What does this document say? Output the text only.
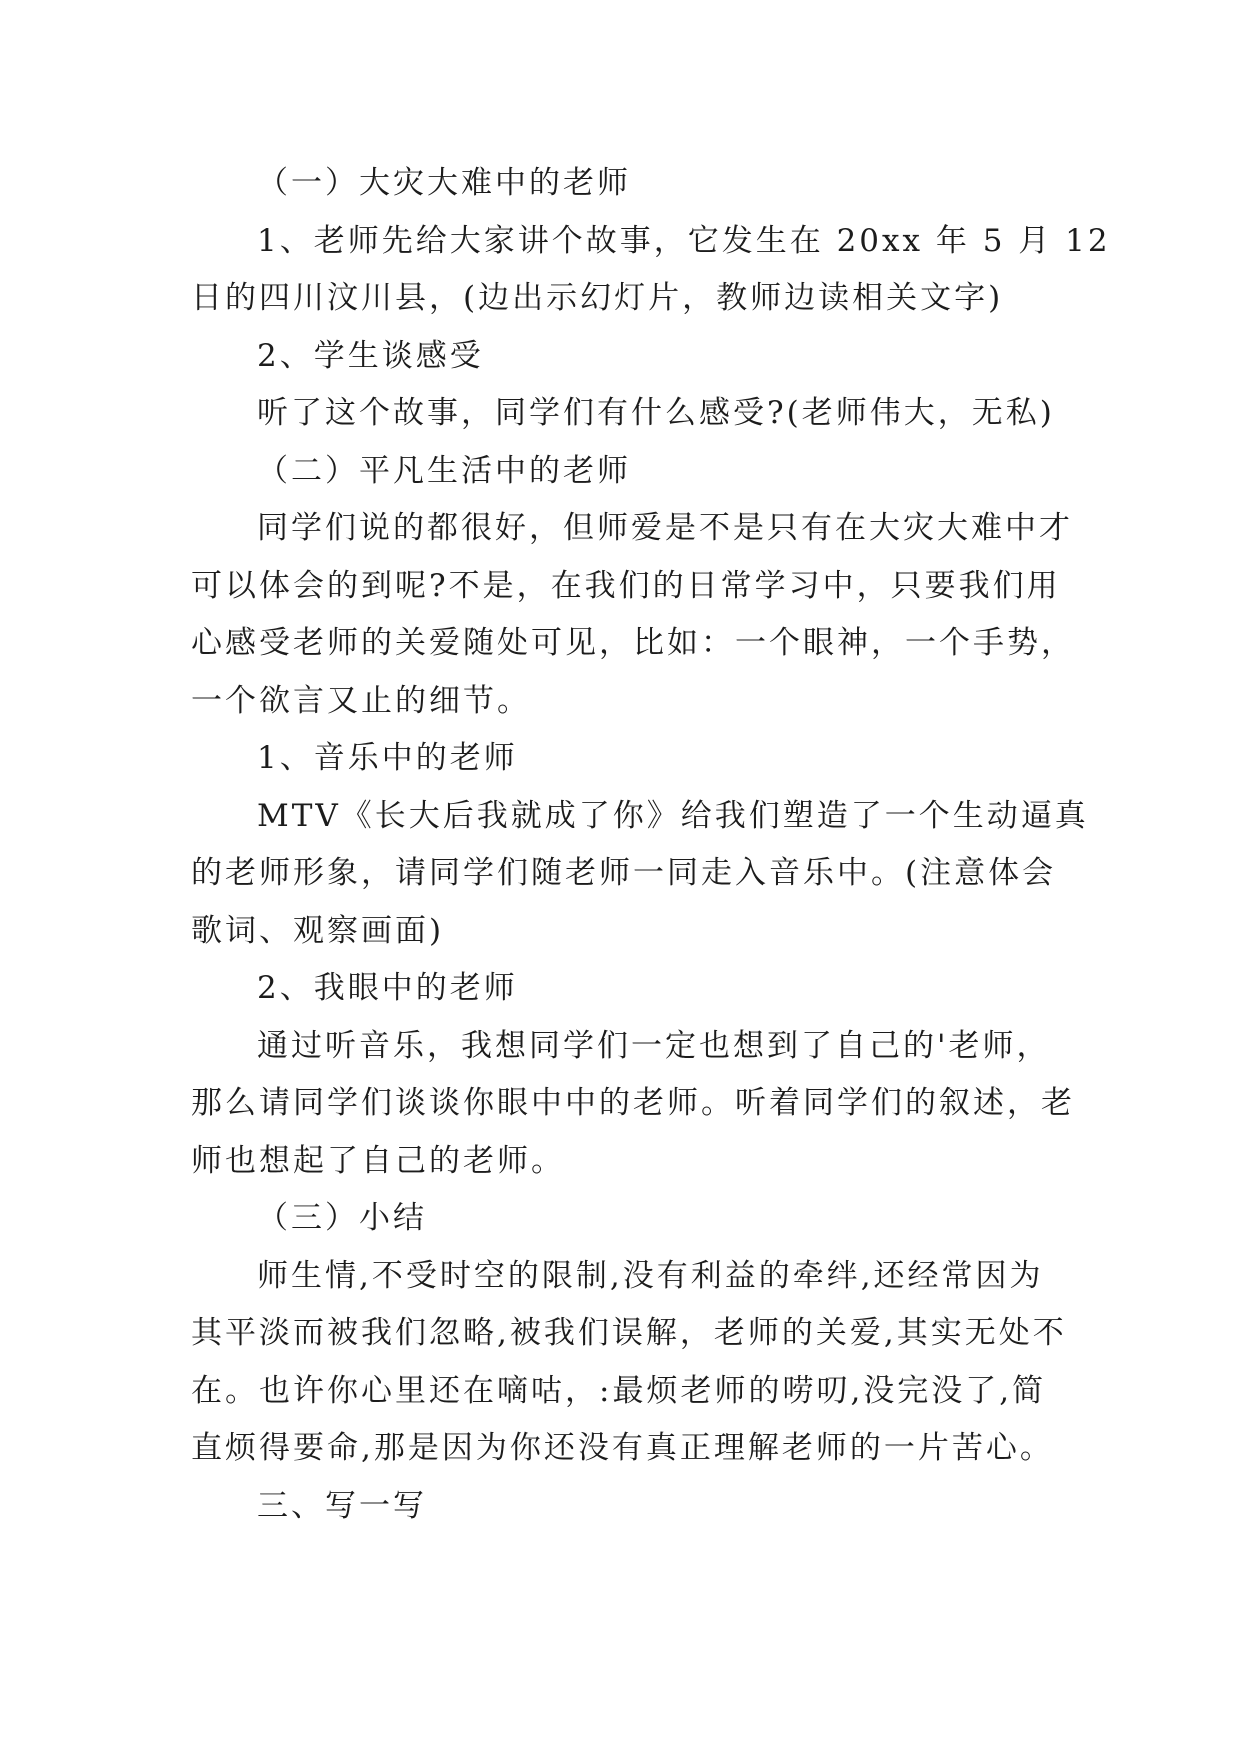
（一）大灾大难中的老师

1、老师先给大家讲个故事，它发生在 20xx 年 5 月 12

日的四川汶川县，(边出示幻灯片，教师边读相关文字)

2、学生谈感受

听了这个故事，同学们有什么感受?(老师伟大，无私)

（二）平凡生活中的老师

同学们说的都很好，但师爱是不是只有在大灾大难中才

可以体会的到呢?不是，在我们的日常学习中，只要我们用

心感受老师的关爱随处可见，比如：一个眼神，一个手势，

一个欲言又止的细节。

1、音乐中的老师

MTV《长大后我就成了你》给我们塑造了一个生动逼真

的老师形象，请同学们随老师一同走入音乐中。(注意体会

歌词、观察画面)

2、我眼中的老师

通过听音乐，我想同学们一定也想到了自己的'老师，

那么请同学们谈谈你眼中中的老师。听着同学们的叙述，老

师也想起了自己的老师。

（三）小结

师生情,不受时空的限制,没有利益的牵绊,还经常因为

其平淡而被我们忽略,被我们误解，老师的关爱,其实无处不

在。也许你心里还在嘀咕，:最烦老师的唠叨,没完没了,简

直烦得要命,那是因为你还没有真正理解老师的一片苦心。

三、写一写
